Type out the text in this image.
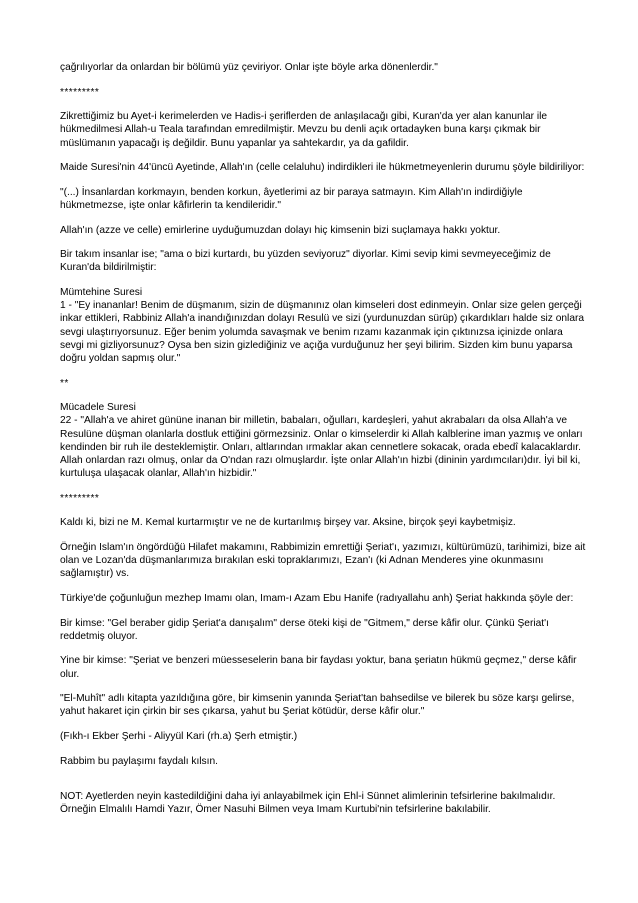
çağrılıyorlar da onlardan bir bölümü yüz çeviriyor. Onlar işte böyle arka dönenlerdir."

*********

Zikrettiğimiz bu Ayet-i kerimelerden ve Hadis-i şeriflerden de anlaşılacağı gibi, Kuran'da yer alan kanunlar ile hükmedilmesi Allah-u Teala tarafından emredilmiştir. Mevzu bu denli açık ortadayken buna karşı çıkmak bir müslümanın yapacağı iş değildir. Bunu yapanlar ya sahtekardır, ya da gafildir.

Maide Suresi'nin 44'üncü Ayetinde, Allah'ın (celle celaluhu) indirdikleri ile hükmetmeyenlerin durumu şöyle bildiriliyor:

"(...) İnsanlardan korkmayın, benden korkun, âyetlerimi az bir paraya satmayın. Kim Allah'ın indirdiğiyle hükmetmezse, işte onlar kâfirlerin ta kendileridir."

Allah'ın (azze ve celle) emirlerine uyduğumuzdan dolayı hiç kimsenin bizi suçlamaya hakkı yoktur.

Bir takım insanlar ise; "ama o bizi kurtardı, bu yüzden seviyoruz" diyorlar. Kimi sevip kimi sevmeyeceğimiz de Kuran'da bildirilmiştir:

Mümtehine Suresi
1 - "Ey inananlar! Benim de düşmanım, sizin de düşmanınız olan kimseleri dost edinmeyin. Onlar size gelen gerçeği inkar ettikleri, Rabbiniz Allah'a inandığınızdan dolayı Resulü ve sizi (yurdunuzdan sürüp) çıkardıkları halde siz onlara sevgi ulaştırıyorsunuz. Eğer benim yolumda savaşmak ve benim rızamı kazanmak için çıktınızsa içinizde onlara sevgi mi gizliyorsunuz? Oysa ben sizin gizlediğiniz ve açığa vurduğunuz her şeyi bilirim. Sizden kim bunu yaparsa doğru yoldan sapmış olur."

**

Mücadele Suresi
22 - "Allah'a ve ahiret gününe inanan bir milletin, babaları, oğulları, kardeşleri, yahut akrabaları da olsa Allah'a ve Resulüne düşman olanlarla dostluk ettiğini görmezsiniz. Onlar o kimselerdir ki Allah kalblerine iman yazmış ve onları kendinden bir ruh ile desteklemiştir. Onları, altlarından ırmaklar akan cennetlere sokacak, orada ebedî kalacaklardır. Allah onlardan razı olmuş, onlar da O'ndan razı olmuşlardır. İşte onlar Allah'ın hizbi (dininin yardımcıları)dır. İyi bil ki, kurtuluşa ulaşacak olanlar, Allah'ın hizbidir."

*********

Kaldı ki, bizi ne M. Kemal kurtarmıştır ve ne de kurtarılmış birşey var. Aksine, birçok şeyi kaybetmişiz.

Örneğin Islam'ın öngördüğü Hilafet makamını, Rabbimizin emrettiği Şeriat'ı, yazımızı, kültürümüzü, tarihimizi, bize ait olan ve Lozan'da düşmanlarımıza bırakılan eski topraklarımızı, Ezan'ı (ki Adnan Menderes yine okunmasını sağlamıştır) vs.

Türkiye'de çoğunluğun mezhep Imamı olan, Imam-ı Azam Ebu Hanife (radıyallahu anh) Şeriat hakkında şöyle der:

Bir kimse: "Gel beraber gidip Şeriat'a danışalım" derse öteki kişi de "Gitmem," derse kâfir olur. Çünkü Şeriat'ı reddetmiş oluyor.

Yine bir kimse: "Şeriat ve benzeri müesseselerin bana bir faydası yoktur, bana şeriatın hükmü geçmez," derse kâfir olur.

"El-Muhît" adlı kitapta yazıldığına göre, bir kimsenin yanında Şeriat'tan bahsedilse ve bilerek bu söze karşı gelirse, yahut hakaret için çirkin bir ses çıkarsa, yahut bu Şeriat kötüdür, derse kâfir olur."

(Fıkh-ı Ekber Şerhi - Aliyyül Kari (rh.a) Şerh etmiştir.)

Rabbim bu paylaşımı faydalı kılsın.

NOT: Ayetlerden neyin kastedildiğini daha iyi anlayabilmek için Ehl-i Sünnet alimlerinin tefsirlerine bakılmalıdır. Örneğin Elmalılı Hamdi Yazır, Ömer Nasuhi Bilmen veya Imam Kurtubi'nin tefsirlerine bakılabilir.
